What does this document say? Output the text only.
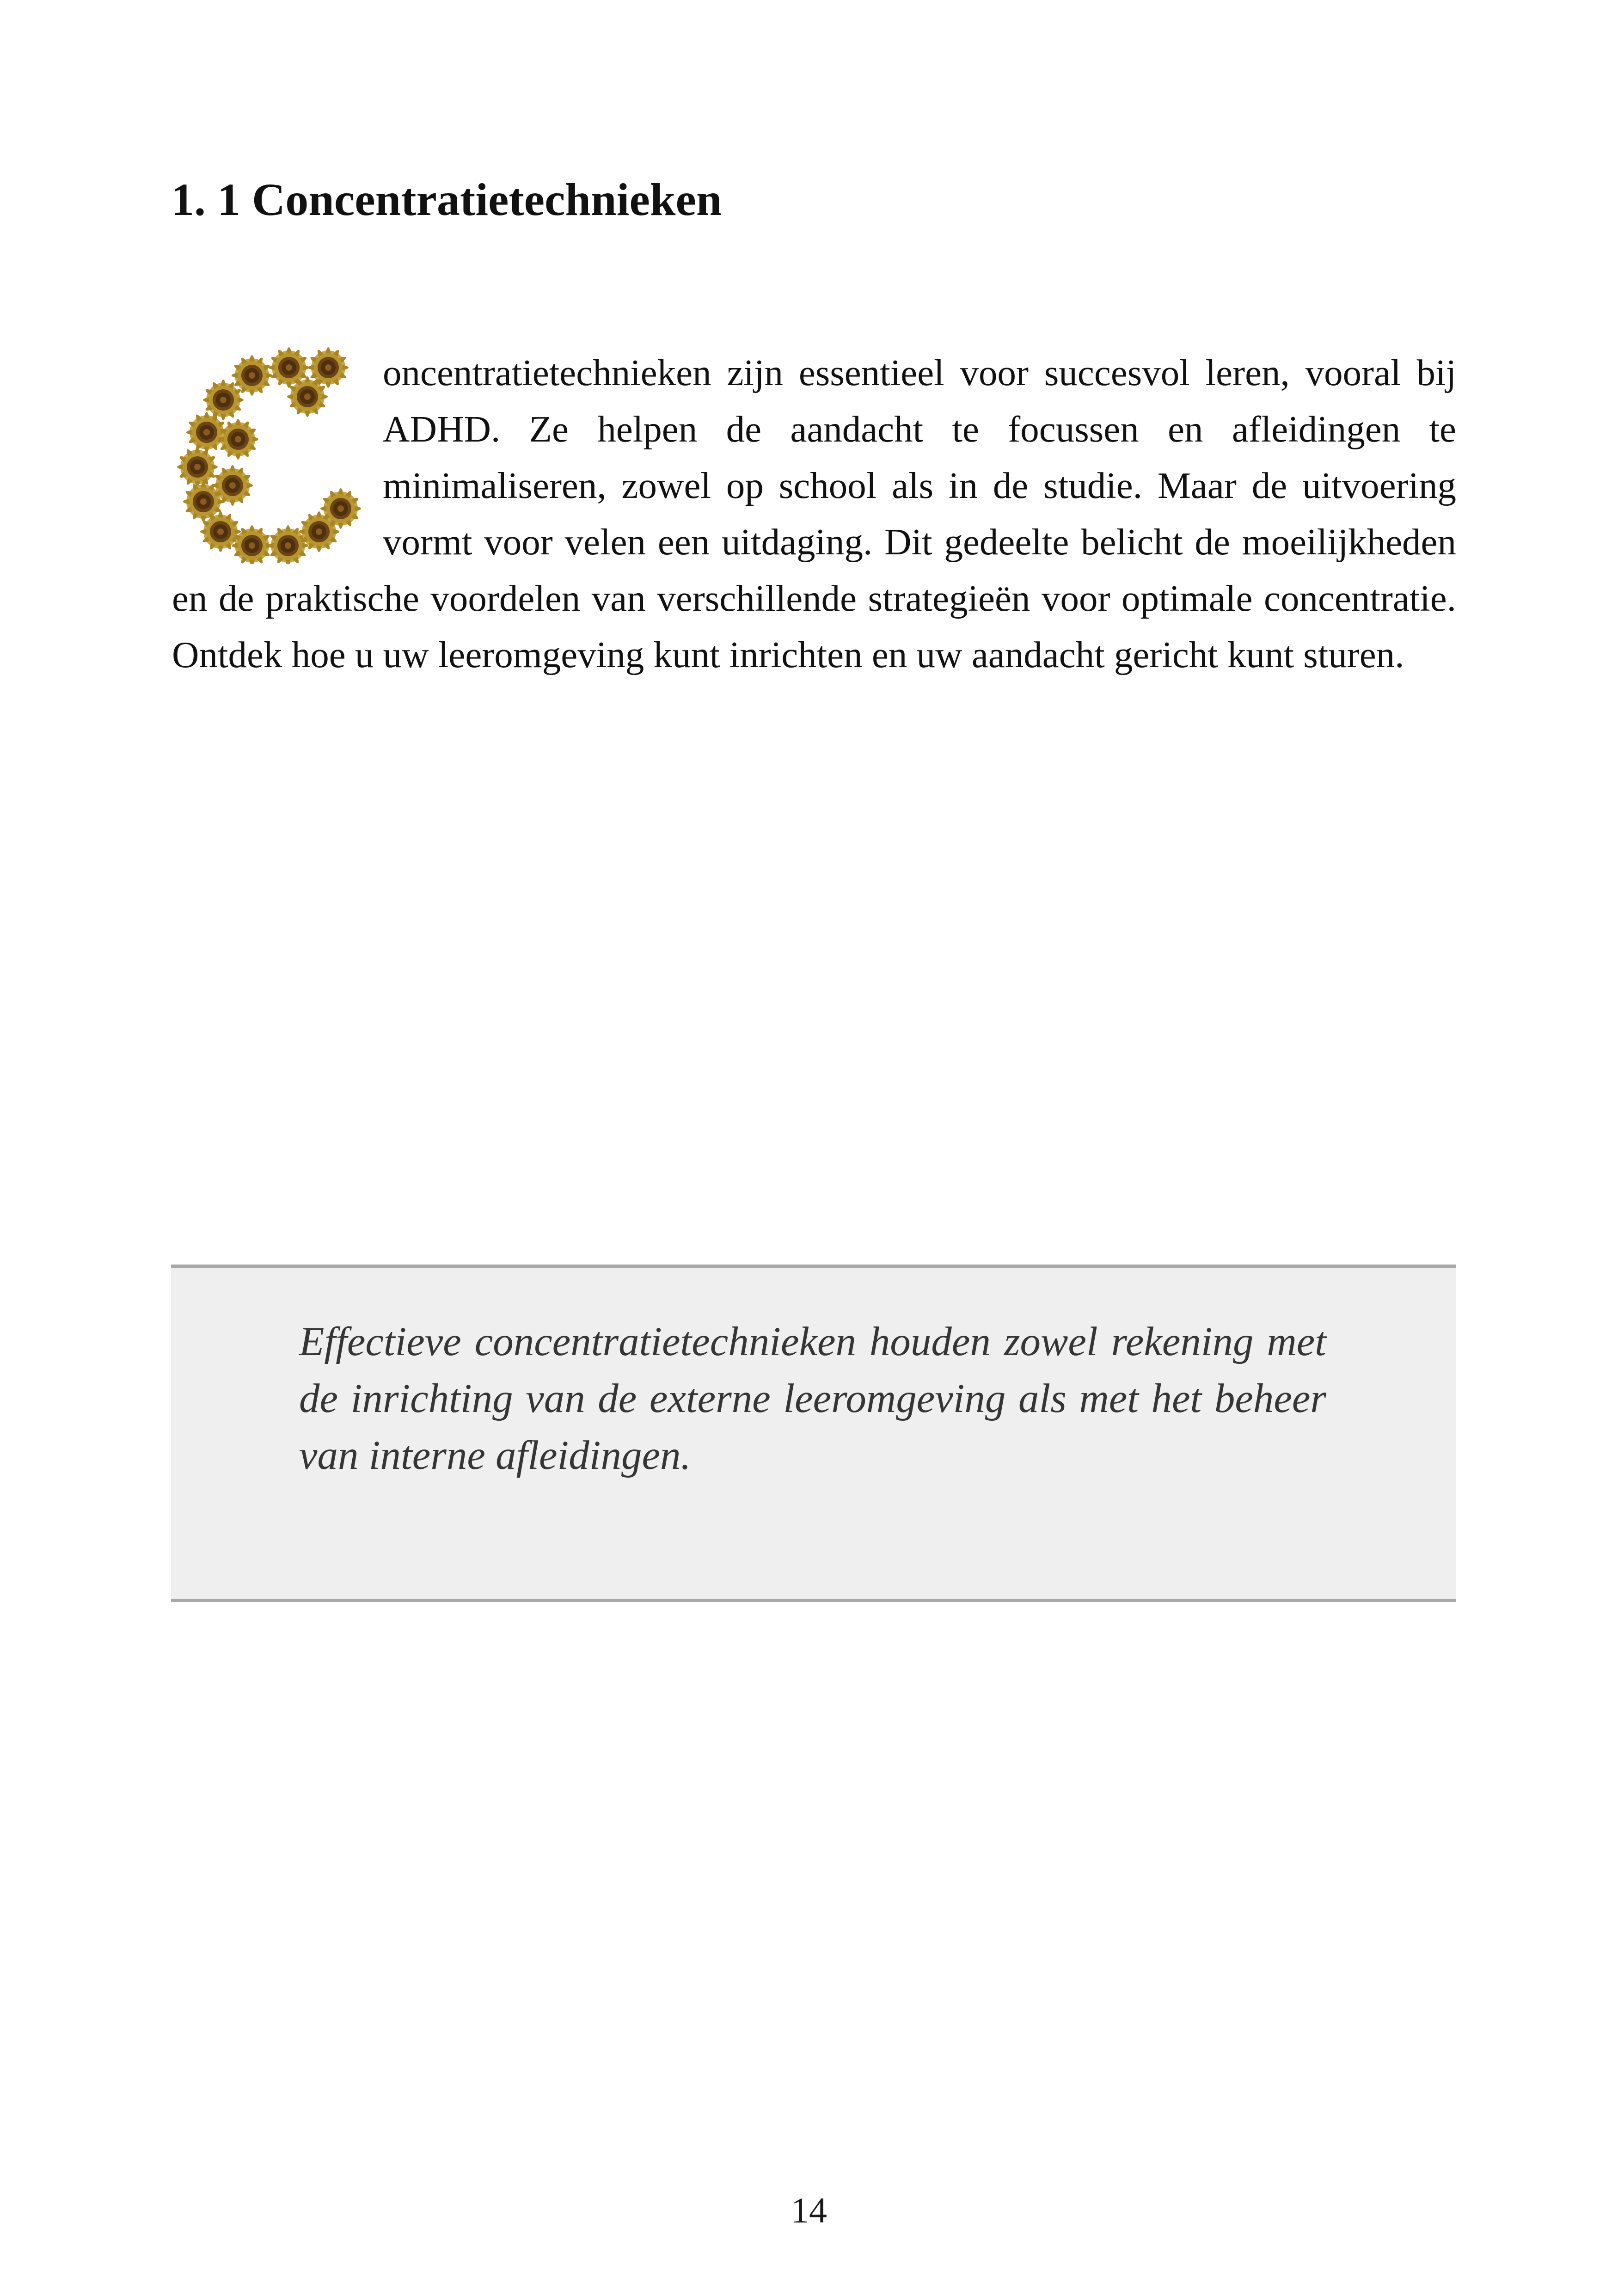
1. 1 Concentratietechnieken

oncentratietechnieken zijn essentieel voor succesvol leren, vooral bij ADHD. Ze helpen de aandacht te focussen en afleidingen te minimaliseren, zowel op school als in de studie. Maar de uitvoering vormt voor velen een uitdaging. Dit gedeelte belicht de moeilijkheden en de praktische voordelen van verschillende strategieën voor optimale concentratie. Ontdek hoe u uw leeromgeving kunt inrichten en uw aandacht gericht kunt sturen.

Effectieve concentratietechnieken houden zowel rekening met de inrichting van de externe leeromgeving als met het beheer van interne afleidingen.

14
